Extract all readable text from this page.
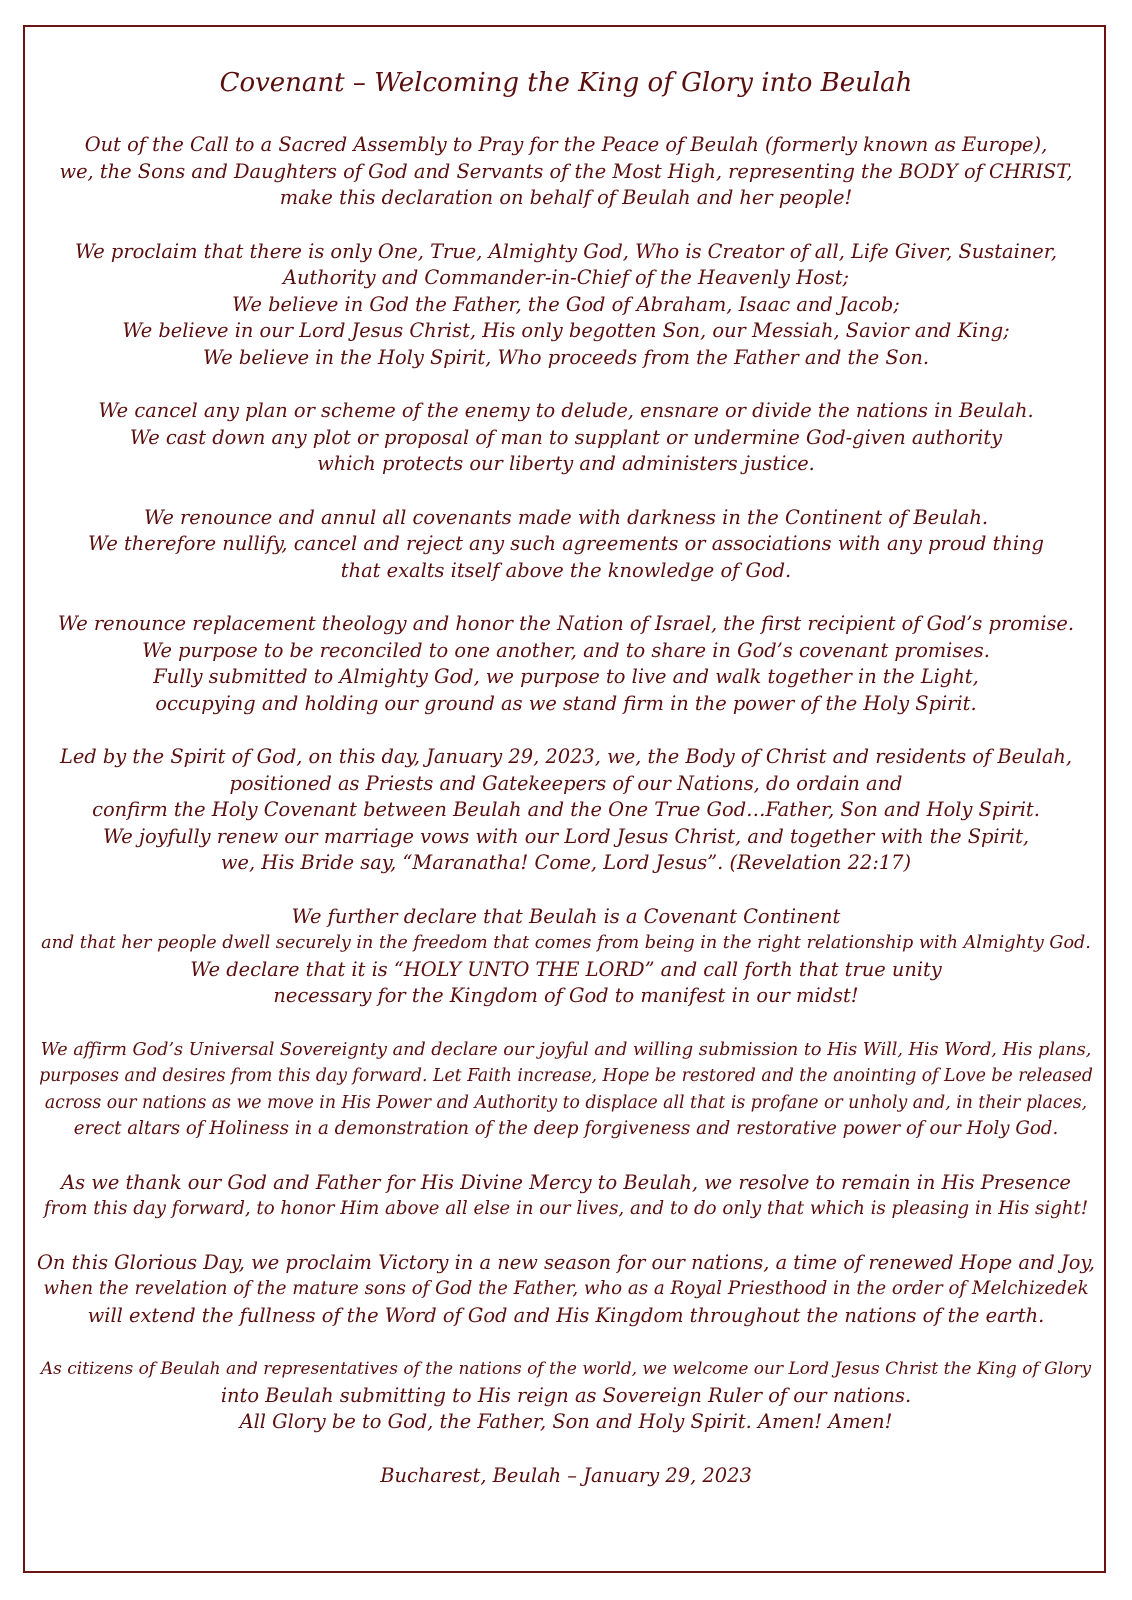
Covenant – Welcoming the King of Glory into Beulah
Out of the Call to a Sacred Assembly to Pray for the Peace of Beulah (formerly known as Europe),
we, the Sons and Daughters of God and Servants of the Most High, representing the BODY of CHRIST,
make this declaration on behalf of Beulah and her people!
We proclaim that there is only One, True, Almighty God, Who is Creator of all, Life Giver, Sustainer,
Authority and Commander-in-Chief of the Heavenly Host;
We believe in God the Father, the God of Abraham, Isaac and Jacob;
We believe in our Lord Jesus Christ, His only begotten Son, our Messiah, Savior and King;
We believe in the Holy Spirit, Who proceeds from the Father and the Son.
We cancel any plan or scheme of the enemy to delude, ensnare or divide the nations in Beulah.
We cast down any plot or proposal of man to supplant or undermine God-given authority
which protects our liberty and administers justice.
We renounce and annul all covenants made with darkness in the Continent of Beulah.
We therefore nullify, cancel and reject any such agreements or associations with any proud thing
that exalts itself above the knowledge of God.
We renounce replacement theology and honor the Nation of Israel, the first recipient of God’s promise.
We purpose to be reconciled to one another, and to share in God’s covenant promises.
Fully submitted to Almighty God, we purpose to live and walk together in the Light,
occupying and holding our ground as we stand firm in the power of the Holy Spirit.
Led by the Spirit of God, on this day, January 29, 2023, we, the Body of Christ and residents of Beulah,
positioned as Priests and Gatekeepers of our Nations, do ordain and
confirm the Holy Covenant between Beulah and the One True God…Father, Son and Holy Spirit.
We joyfully renew our marriage vows with our Lord Jesus Christ, and together with the Spirit,
we, His Bride say, “Maranatha! Come, Lord Jesus”. (Revelation 22:17)
We further declare that Beulah is a Covenant Continent
and that her people dwell securely in the freedom that comes from being in the right relationship with Almighty God.
We declare that it is “HOLY UNTO THE LORD” and call forth that true unity
necessary for the Kingdom of God to manifest in our midst!
We affirm God’s Universal Sovereignty and declare our joyful and willing submission to His Will, His Word, His plans,
purposes and desires from this day forward. Let Faith increase, Hope be restored and the anointing of Love be released
across our nations as we move in His Power and Authority to displace all that is profane or unholy and, in their places,
erect altars of Holiness in a demonstration of the deep forgiveness and restorative power of our Holy God.
As we thank our God and Father for His Divine Mercy to Beulah, we resolve to remain in His Presence
from this day forward, to honor Him above all else in our lives, and to do only that which is pleasing in His sight!
On this Glorious Day, we proclaim Victory in a new season for our nations, a time of renewed Hope and Joy,
when the revelation of the mature sons of God the Father, who as a Royal Priesthood in the order of Melchizedek
will extend the fullness of the Word of God and His Kingdom throughout the nations of the earth.
As citizens of Beulah and representatives of the nations of the world, we welcome our Lord Jesus Christ the King of Glory
into Beulah submitting to His reign as Sovereign Ruler of our nations.
All Glory be to God, the Father, Son and Holy Spirit. Amen! Amen!
Bucharest, Beulah – January 29, 2023
